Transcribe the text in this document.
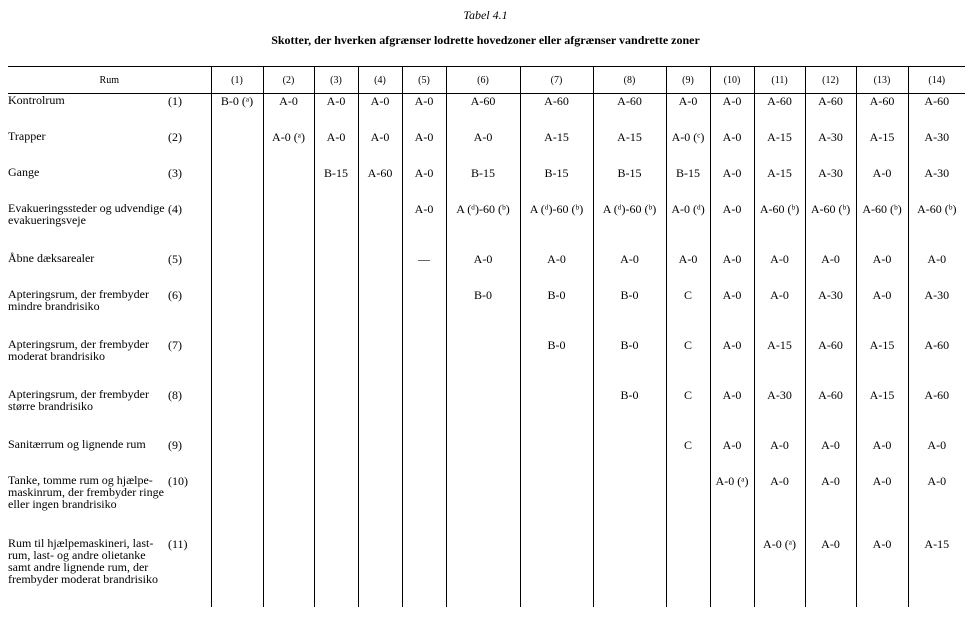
Tabel 4.1
Skotter, der hverken afgrænser lodrette hovedzoner eller afgrænser vandrette zoner
Rum		(1)	(2)	(3)	(4)	(5)	(6)	(7)	(8)	(9)	(10)	(11)	(12)	(13)	(14)
Kontrolrum	(1)	B-0 (ᵃ)	A-0	A-0	A-0	A-0	A-60	A-60	A-60	A-0	A-0	A-60	A-60	A-60	A-60
Trapper	(2)		A-0 (ᵃ)	A-0	A-0	A-0	A-0	A-15	A-15	A-0 (ᶜ)	A-0	A-15	A-30	A-15	A-30
Gange	(3)			B-15	A-60	A-0	B-15	B-15	B-15	B-15	A-0	A-15	A-30	A-0	A-30
Evakueringssteder og udvendige evakueringsveje	(4)					A-0	A (ᵈ)-60 (ᵇ)	A (ᵈ)-60 (ᵇ)	A (ᵈ)-60 (ᵇ)	A-0 (ᵈ)	A-0	A-60 (ᵇ)	A-60 (ᵇ)	A-60 (ᵇ)	A-60 (ᵇ)
Åbne dæksarealer	(5)					—	A-0	A-0	A-0	A-0	A-0	A-0	A-0	A-0	A-0
Apteringsrum, der frembyder mindre brandrisiko	(6)						B-0	B-0	B-0	C	A-0	A-0	A-30	A-0	A-30
Apteringsrum, der frembyder moderat brandrisiko	(7)							B-0	B-0	C	A-0	A-15	A-60	A-15	A-60
Apteringsrum, der frembyder større brandrisiko	(8)								B-0	C	A-0	A-30	A-60	A-15	A-60
Sanitærrum og lignende rum	(9)									C	A-0	A-0	A-0	A-0	A-0
Tanke, tomme rum og hjælpe-maskinrum, der frembyder ringe eller ingen brandrisiko	(10)										A-0 (ᵃ)	A-0	A-0	A-0	A-0
Rum til hjælpemaskineri, last-rum, last- og andre olietanke samt andre lignende rum, der frembyder moderat brandrisiko	(11)											A-0 (ᵃ)	A-0	A-0	A-15
